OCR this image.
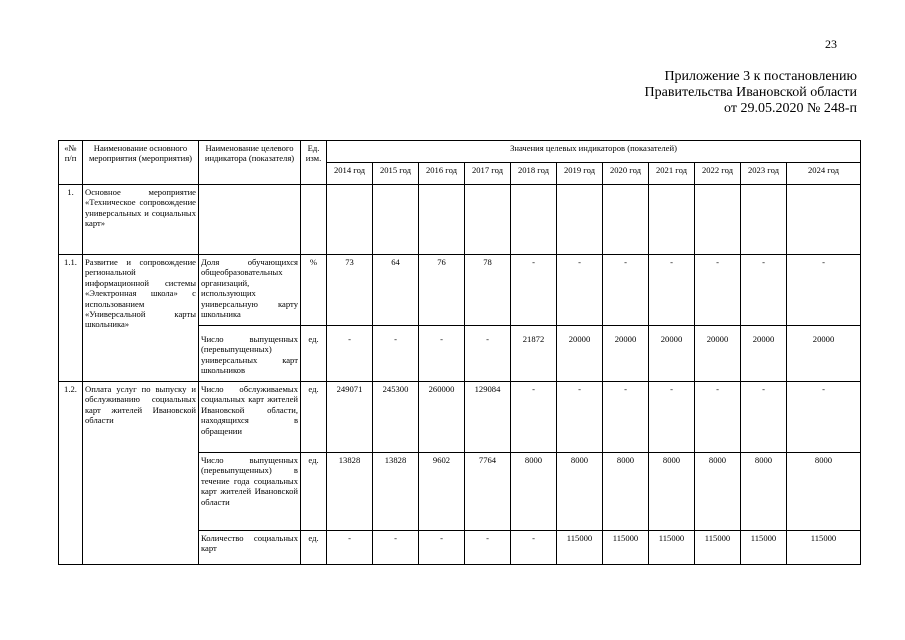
23
Приложение 3 к постановлению
Правительства Ивановской области
от 29.05.2020 № 248-п
«№ п/п	Наименование основного мероприятия (мероприятия)	Наименование целевого индикатора (показателя)	Ед. изм.	Значения целевых индикаторов (показателей)										
				2014 год	2015 год	2016 год	2017 год	2018 год	2019 год	2020 год	2021 год	2022 год	2023 год	2024 год
1.	Основное мероприятие «Техническое сопровождение универсальных и социальных карт»													
1.1.	Развитие и сопровождение региональной информационной системы «Электронная школа» с использованием «Универсальной карты школьника»	Доля обучающихся общеобразовательных организаций, использующих универсальную карту школьника	%	73	64	76	78	-	-	-	-	-	-	-
		Число выпущенных (перевыпущенных) универсальных карт школьников	ед.	-	-	-	-	21872	20000	20000	20000	20000	20000	20000
1.2.	Оплата услуг по выпуску и обслуживанию социальных карт жителей Ивановской области	Число обслуживаемых социальных карт жителей Ивановской области, находящихся в обращении	ед.	249071	245300	260000	129084	-	-	-	-	-	-	-
		Число выпущенных (перевыпущенных) в течение года социальных карт жителей Ивановской области	ед.	13828	13828	9602	7764	8000	8000	8000	8000	8000	8000	8000
		Количество социальных карт	ед.	-	-	-	-	-	115000	115000	115000	115000	115000	115000
